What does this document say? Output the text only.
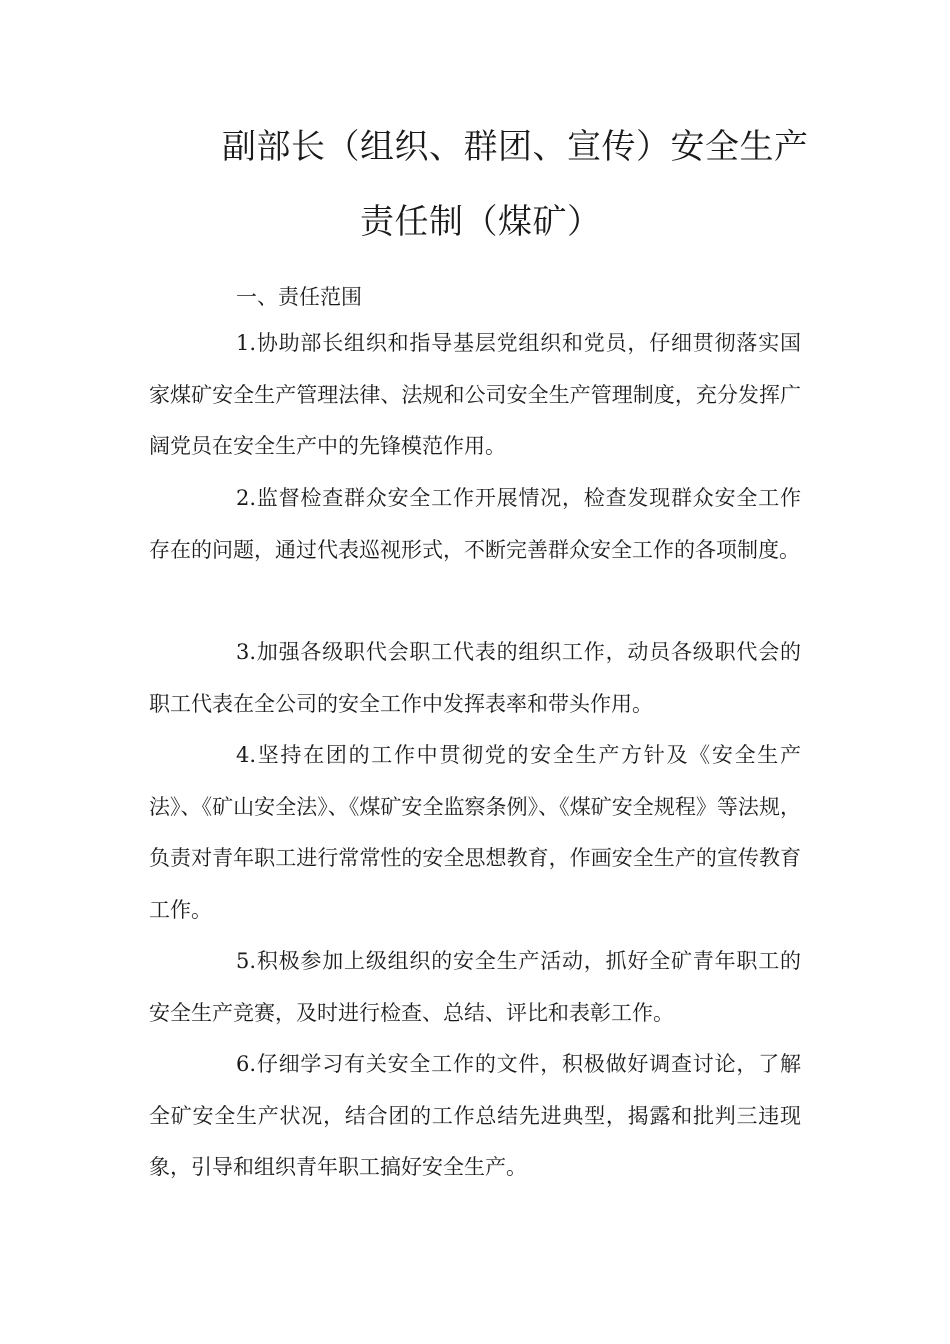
副部长（组织、群团、宣传）安全生产
责任制（煤矿）
一、责任范围

1.协助部长组织和指导基层党组织和党员，仔细贯彻落实国家煤矿安全生产管理法律、法规和公司安全生产管理制度，充分发挥广阔党员在安全生产中的先锋模范作用。

2.监督检查群众安全工作开展情况，检查发现群众安全工作存在的问题，通过代表巡视形式，不断完善群众安全工作的各项制度。

3.加强各级职代会职工代表的组织工作，动员各级职代会的职工代表在全公司的安全工作中发挥表率和带头作用。

4.坚持在团的工作中贯彻党的安全生产方针及《安全生产法》、《矿山安全法》、《煤矿安全监察条例》、《煤矿安全规程》等法规，负责对青年职工进行常常性的安全思想教育，作画安全生产的宣传教育工作。

5.积极参加上级组织的安全生产活动，抓好全矿青年职工的安全生产竞赛，及时进行检查、总结、评比和表彰工作。

6.仔细学习有关安全工作的文件，积极做好调查讨论，了解全矿安全生产状况，结合团的工作总结先进典型，揭露和批判三违现象，引导和组织青年职工搞好安全生产。
